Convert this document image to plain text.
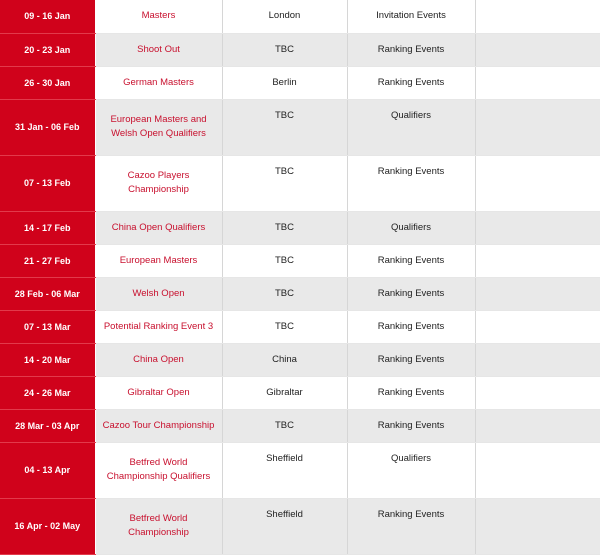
09 - 16 Jan	Masters	London	Invitation Events	
20 - 23 Jan	Shoot Out	TBC	Ranking Events	
26 - 30 Jan	German Masters	Berlin	Ranking Events	
31 Jan - 06 Feb	European Masters and Welsh Open Qualifiers	TBC	Qualifiers	
07 - 13 Feb	Cazoo Players Championship	TBC	Ranking Events	
14 - 17 Feb	China Open Qualifiers	TBC	Qualifiers	
21 - 27 Feb	European Masters	TBC	Ranking Events	
28 Feb - 06 Mar	Welsh Open	TBC	Ranking Events	
07 - 13 Mar	Potential Ranking Event 3	TBC	Ranking Events	
14 - 20 Mar	China Open	China	Ranking Events	
24 - 26 Mar	Gibraltar Open	Gibraltar	Ranking Events	
28 Mar - 03 Apr	Cazoo Tour Championship	TBC	Ranking Events	
04 - 13 Apr	Betfred World Championship Qualifiers	Sheffield	Qualifiers	
16 Apr - 02 May	Betfred World Championship	Sheffield	Ranking Events	
